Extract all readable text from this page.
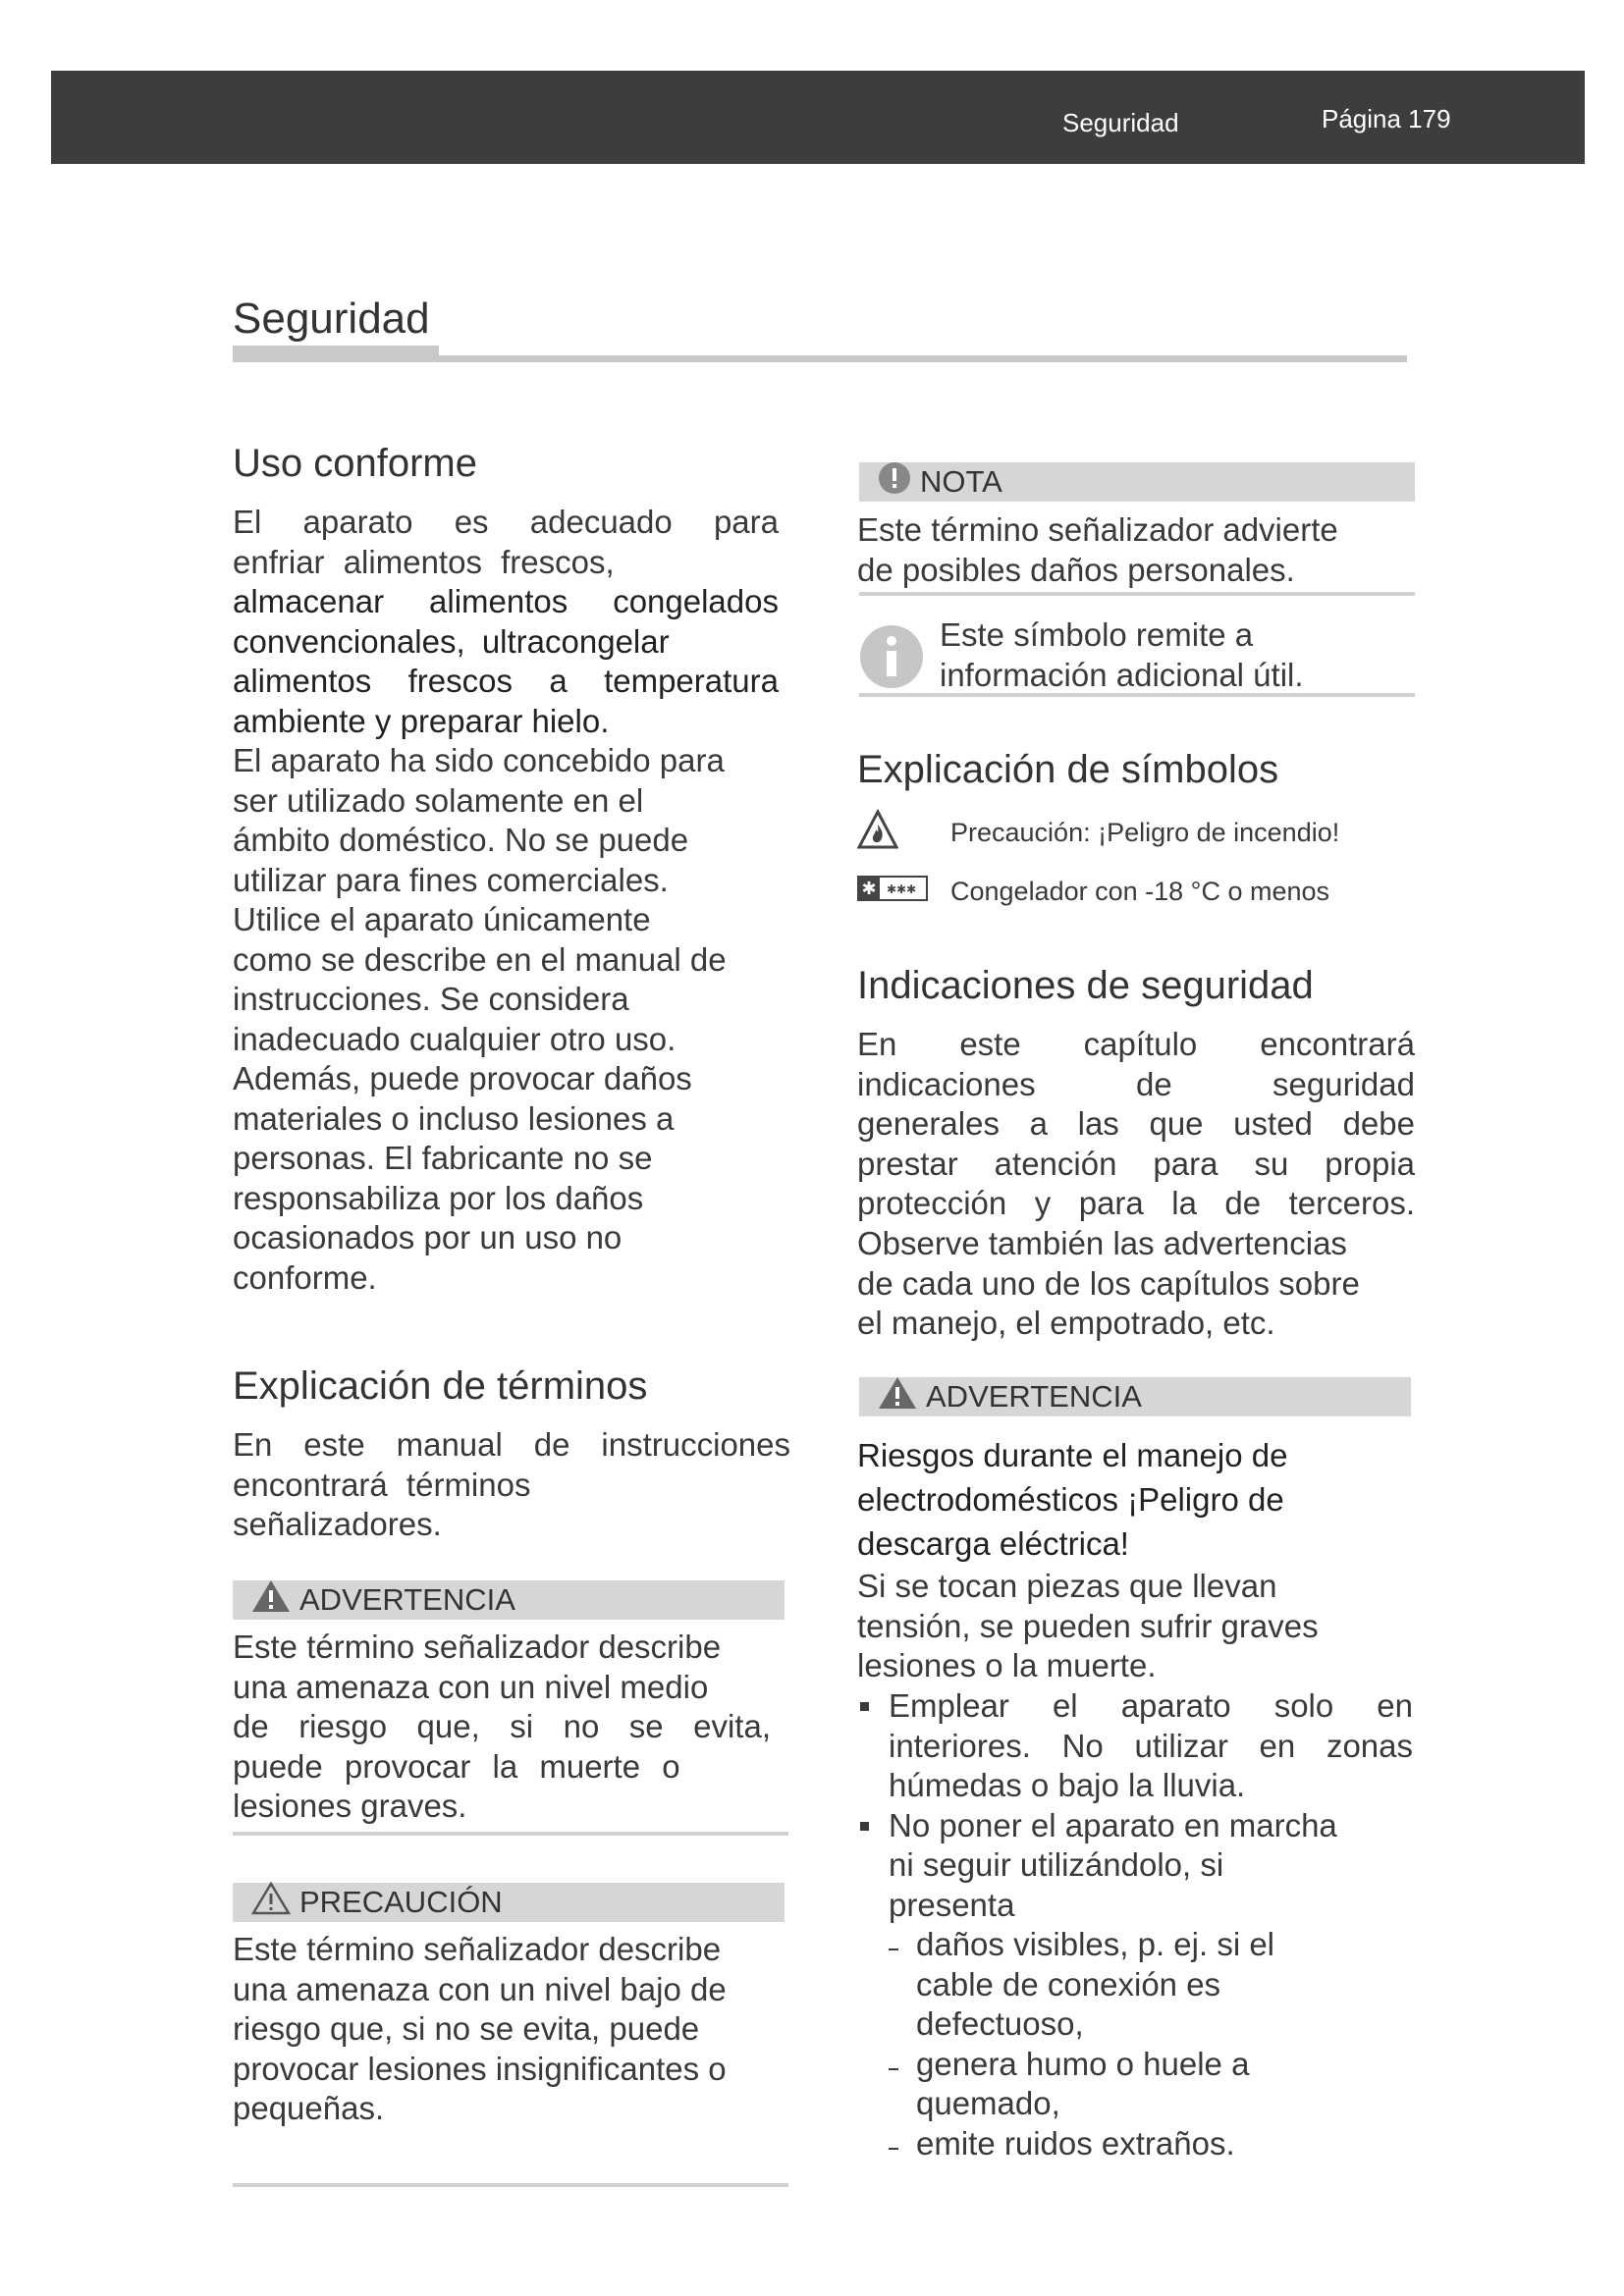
Seguridad	Página 179
Seguridad
Uso conforme
El aparato es adecuado para
enfriar alimentos frescos,
almacenar alimentos congelados
convencionales, ultracongelar
alimentos frescos a temperatura
ambiente y preparar hielo.
El aparato ha sido concebido para
ser utilizado solamente en el
ámbito doméstico. No se puede
utilizar para fines comerciales.
Utilice el aparato únicamente
como se describe en el manual de
instrucciones. Se considera
inadecuado cualquier otro uso.
Además, puede provocar daños
materiales o incluso lesiones a
personas. El fabricante no se
responsabiliza por los daños
ocasionados por un uso no
conforme.
Explicación de términos
En este manual de instrucciones
encontrará términos
señalizadores.
ADVERTENCIA
Este término señalizador describe
una amenaza con un nivel medio
de riesgo que, si no se evita,
puede provocar la muerte o
lesiones graves.
PRECAUCIÓN
Este término señalizador describe
una amenaza con un nivel bajo de
riesgo que, si no se evita, puede
provocar lesiones insignificantes o
pequeñas.
NOTA
Este término señalizador advierte
de posibles daños personales.
Este símbolo remite a
información adicional útil.
Explicación de símbolos
Precaución: ¡Peligro de incendio!
✱ ✱✱✱ Congelador con -18 °C o menos
Indicaciones de seguridad
En este capítulo encontrará
indicaciones de seguridad
generales a las que usted debe
prestar atención para su propia
protección y para la de terceros.
Observe también las advertencias
de cada uno de los capítulos sobre
el manejo, el empotrado, etc.
ADVERTENCIA
Riesgos durante el manejo de
electrodomésticos ¡Peligro de
descarga eléctrica!
Si se tocan piezas que llevan
tensión, se pueden sufrir graves
lesiones o la muerte.
Emplear el aparato solo en
interiores. No utilizar en zonas
húmedas o bajo la lluvia.
No poner el aparato en marcha
ni seguir utilizándolo, si
presenta
daños visibles, p. ej. si el
cable de conexión es
defectuoso,
genera humo o huele a
quemado,
emite ruidos extraños.
